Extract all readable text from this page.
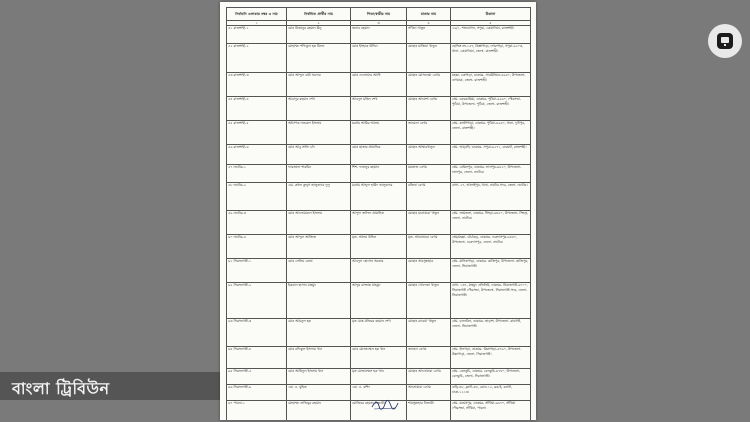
নির্বাচনি এলাকার নম্বর ও নাম	নির্বাচিত প্রার্থীর নাম	পিতা/স্বামীর নাম	মাতার নাম	ঠিকানা
১	২	৩	৪	৫
৫১ রাজশাহী-১	মোঃ মিজানুর রহমান মিনু	জনাব রহমান	সখিনা খাতুন	২২/১, শালবাগান, সপুরা, বোয়ালিয়া, রাজশাহী।
৫২ রাজশাহী-২	মোহাম্মদ শফিকুল হক মিলন	মোঃ ইসহাক উদ্দিন	মোছাঃ মাজিয়া খাতুন	হোল্ডিং নং-১৫৭, কিস্তাপাড়া, নগরপাড়া, সপুরা-৬২০৩, থানা- বোয়ালিয়া, জেলা- রাজশাহী।
৫৩ রাজশাহী-৩	মোঃ আব্দুল বারী সরদার	মোঃ দেলোয়ার আলী	মোছাঃ মোসলেমা বেগম	মহল্লা- চকপাড়া, ডাকঘর- সাবউনিয়ন-৬২৬০, উপজেলা- বাগমারা, জেলা- রাজশাহী।
৫৪ রাজশাহী-৪	আবাদুর রহমান শেখ	আবদুল মতিন শেখ	মোছাঃ আয়েশা বেগম	গ্রাম- চকচকারিয়া, ডাকঘর- পুঠিয়া-৬২৬০, পৌরসভা- পুঠিয়া, উপজেলা- পুঠিয়া, জেলা- রাজশাহী।
৫৫ রাজশাহী-৫	অধ্যাপক নজরুল ইসলাম	মরহুম আমির আলম	জামেলা বেগম	গ্রাম- কাজীপাড়া, ডাকঘর- পুঠিয়া-৬২৬০, থানা- দুর্গাপুর, জেলা- রাজশাহী।
৫৬ রাজশাহী-৬	মোঃ আবু সাঈদ চাঁদ	মোঃ ছাত্তার প্রামানিক	মোছাঃ আম্বারখাতুন	গ্রাম- আড়ানী, ডাকঘর- সপুরা-৬২৭১, চারঘাট, রাজশাহী।
৫৭ নাটোর-১	ফারজানা শারমিন	শিশ- ফজলুর রহমান	মমতাজ বেগম	গ্রাম- বেরিলপুর, ডাকঘর- লালপুর-৬৪২০, উপজেলা- লালপুর, জেলা- নাটোর।
৫৮ নাটোর-২	এম. রুহুল কুদ্দুস তালুকদার দুলু	মরহুম আব্দুল হামিদ তালুকদার	রজিনা বেগম	বাসা- ২৭, আলাইপুর, থানা- নাটোর সদর, জেলা- নাটোর।
৫৯ নাটোর-৩	মোঃ আনোয়ারুল ইসলাম	আব্দুল জলিল প্রামানিক	মোছাঃ মনোয়ারা খাতুন	গ্রাম- জামতলা, ডাকঘর- সিংড়া-৬৪৫০, উপজেলা- সিংড়া, জেলা- নাটোর।
৬০ নাটোর-৪	মোঃ আব্দুল আজিজ	মৃত- আলম উদ্দিন	মৃত- আনোয়ারা বেগম	গ্রাম/মহল্লা- চাঁচকৈড়, ডাকঘর- গুরুদাসপুর-৬৪৪০, উপজেলা- গুরুদাসপুর, জেলা- নাটোর।
৬১ সিরাজগঞ্জ-১	মোঃ সেলিম রেজা	আবদুল হোসেন সরকার	মোছাঃ সামসুন্নাহার	গ্রাম- মানিকপাড়া, ডাকঘর- কাজিপুর, উপজেলা- কাজিপুর, জেলা- সিরাজগঞ্জ।
৬২ সিরাজগঞ্জ-২	ইকবাল হাসান মাহমুদ	আব্দুর রাজ্জাক মাহমুদ	মোছাঃ খোদেজা খাতুন	বাসা- ১৩৭, মাহমুদ এভিনিউ, ডাকঘর- সিরাজগঞ্জ-৬৭০০, সিরাজগঞ্জ পৌরসভা, উপজেলা- সিরাজগঞ্জ সদর, জেলা- সিরাজগঞ্জ।
৬৩ সিরাজগঞ্জ-৩	মোঃ আয়নুল হক	মৃত মোঃ মজিবর রহমান শেখ	মোছাঃ রাবেয়া খাতুন	গ্রাম- চলনবিল, ডাকঘর- তাড়াশ, উপজেলা- রায়গঞ্জ, জেলা- সিরাজগঞ্জ।
৬৪ সিরাজগঞ্জ-৪	মোঃ রফিকুল ইসলাম খান	মোঃ মোজাম্মেল হক খান	জাহেদা বেগম	গ্রাম- ধানগড়া, ডাকঘর- উল্লাপাড়া-৬৭৬০, উপজেলা- উল্লাপাড়া, জেলা- সিরাজগঞ্জ।
৬৫ সিরাজগঞ্জ-৫	মোঃ আমিনুল ইসলাম খান	মৃত মোজাম্মেল হক খান	মোছাঃ আনোয়ারা বেগম	গ্রাম- বেলকুচি, ডাকঘর- বেলকুচি-৬৭৪০, উপজেলা- বেলকুচি, জেলা- সিরাজগঞ্জ।
৬৬ সিরাজগঞ্জ-৬	এম. এ. মুহিত	এম. এ. রশিদ	আনোয়ারা বেগম	বাড়ি-৪৮, ফ্ল্যাট-৩এ, রোড-১২, ব্লক-ই, বনানী, ঢাকা-১২১৩।
৬৭ পাবনা-১	মোহাম্মদ নাজিবুর রহমান	মোজিবর রহমান নিজামী	শামসুন্নাহার নিজামী	গ্রাম- মনমথপুর, ডাকঘর- সাঁথিয়া-৬৬৭০, সাঁথিয়া পৌরসভা, সাঁথিয়া, পাবনা।
বাংলা ট্রিবিউন
